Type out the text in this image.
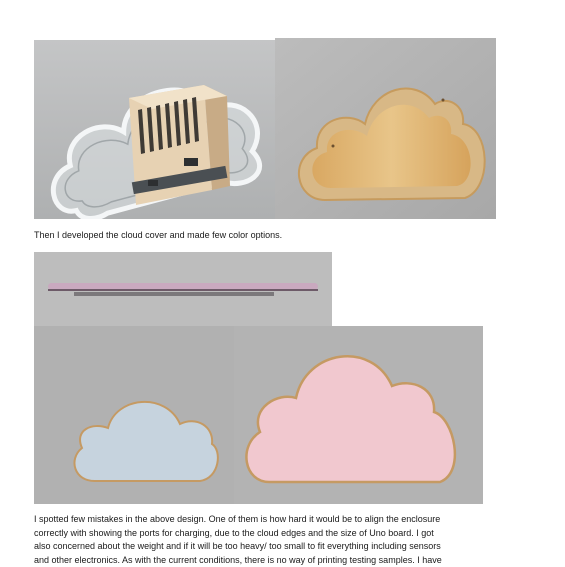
Then I developed the cloud cover and made few color options.

I spotted few mistakes in the above design. One of them is how hard it would be to align the enclosure
correctly with showing the ports for charging, due to the cloud edges and the size of Uno board. I got
also concerned about the weight and if it will be too heavy/ too small to fit everything including sensors
and other electronics. As with the current conditions, there is no way of printing testing samples. I have
